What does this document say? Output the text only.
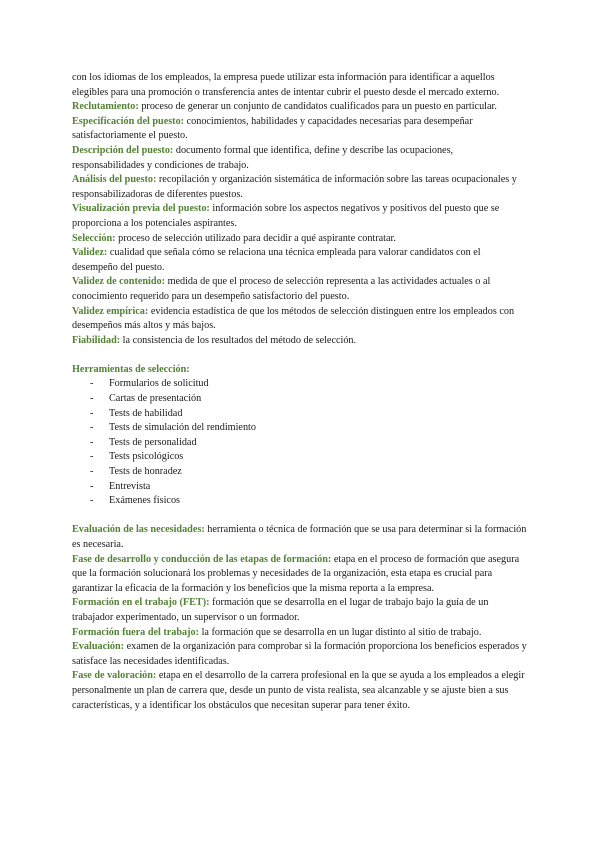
con los idiomas de los empleados, la empresa puede utilizar esta información para identificar a aquellos elegibles para una promoción o transferencia antes de intentar cubrir el puesto desde el mercado externo.

Reclutamiento: proceso de generar un conjunto de candidatos cualificados para un puesto en particular.

Especificación del puesto: conocimientos, habilidades y capacidades necesarias para desempeñar satisfactoriamente el puesto.

Descripción del puesto: documento formal que identifica, define y describe las ocupaciones, responsabilidades y condiciones de trabajo.

Análisis del puesto: recopilación y organización sistemática de información sobre las tareas ocupacionales y responsabilizadoras de diferentes puestos.

Visualización previa del puesto: información sobre los aspectos negativos y positivos del puesto que se proporciona a los potenciales aspirantes.

Selección: proceso de selección utilizado para decidir a qué aspirante contratar.

Validez: cualidad que señala cómo se relaciona una técnica empleada para valorar candidatos con el desempeño del puesto.

Validez de contenido: medida de que el proceso de selección representa a las actividades actuales o al conocimiento requerido para un desempeño satisfactorio del puesto.

Validez empírica: evidencia estadística de que los métodos de selección distinguen entre los empleados con desempeños más altos y más bajos.

Fiabilidad: la consistencia de los resultados del método de selección.

Herramientas de selección:

- Formularios de solicitud
- Cartas de presentación
- Tests de habilidad
- Tests de simulación del rendimiento
- Tests de personalidad
- Tests psicológicos
- Tests de honradez
- Entrevista
- Exámenes físicos

Evaluación de las necesidades: herramienta o técnica de formación que se usa para determinar si la formación es necesaria.

Fase de desarrollo y conducción de las etapas de formación: etapa en el proceso de formación que asegura que la formación solucionará los problemas y necesidades de la organización, esta etapa es crucial para garantizar la eficacia de la formación y los beneficios que la misma reporta a la empresa.

Formación en el trabajo (FET): formación que se desarrolla en el lugar de trabajo bajo la guía de un trabajador experimentado, un supervisor o un formador.

Formación fuera del trabajo: la formación que se desarrolla en un lugar distinto al sitio de trabajo.

Evaluación: examen de la organización para comprobar si la formación proporciona los beneficios esperados y satisface las necesidades identificadas.

Fase de valoración: etapa en el desarrollo de la carrera profesional en la que se ayuda a los empleados a elegir personalmente un plan de carrera que, desde un punto de vista realista, sea alcanzable y se ajuste bien a sus características, y a identificar los obstáculos que necesitan superar para tener éxito.
